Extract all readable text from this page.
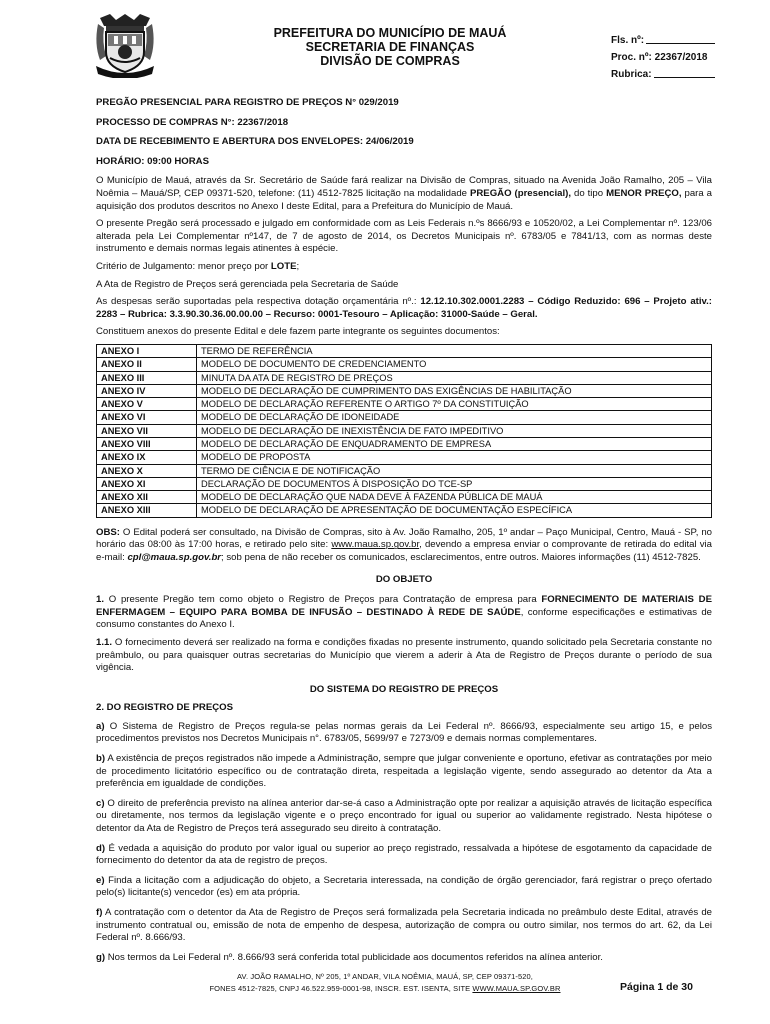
PREFEITURA DO MUNICÍPIO DE MAUÁ
SECRETARIA DE FINANÇAS
DIVISÃO DE COMPRAS
Fls. nº:
Proc. nº: 22367/2018
Rubrica:

PREGÃO PRESENCIAL PARA REGISTRO DE PREÇOS N° 029/2019

PROCESSO DE COMPRAS N°: 22367/2018

DATA DE RECEBIMENTO E ABERTURA DOS ENVELOPES: 24/06/2019

HORÁRIO: 09:00 HORAS

O Município de Mauá, através da Sr. Secretário de Saúde fará realizar na Divisão de Compras, situado na Avenida João Ramalho, 205 – Vila Noêmia – Mauá/SP, CEP 09371-520, telefone: (11) 4512-7825 licitação na modalidade PREGÃO (presencial), do tipo MENOR PREÇO, para a aquisição dos produtos descritos no Anexo I deste Edital, para a Prefeitura do Município de Mauá.

O presente Pregão será processado e julgado em conformidade com as Leis Federais n.ºs 8666/93 e 10520/02, a Lei Complementar nº. 123/06 alterada pela Lei Complementar nº147, de 7 de agosto de 2014, os Decretos Municipais nº. 6783/05 e 7841/13, com as normas deste instrumento e demais normas legais atinentes à espécie.

Critério de Julgamento: menor preço por LOTE;

A Ata de Registro de Preços será gerenciada pela Secretaria de Saúde

As despesas serão suportadas pela respectiva dotação orçamentária nº.: 12.12.10.302.0001.2283 – Código Reduzido: 696 – Projeto ativ.: 2283 – Rubrica: 3.3.90.30.36.00.00.00 – Recurso: 0001-Tesouro – Aplicação: 31000-Saúde – Geral.

Constituem anexos do presente Edital e dele fazem parte integrante os seguintes documentos:

ANEXO I	TERMO DE REFERÊNCIA
ANEXO II	MODELO DE DOCUMENTO DE CREDENCIAMENTO
ANEXO III	MINUTA DA ATA DE REGISTRO DE PREÇOS
ANEXO IV	MODELO DE DECLARAÇÃO DE CUMPRIMENTO DAS EXIGÊNCIAS DE HABILITAÇÃO
ANEXO V	MODELO DE DECLARAÇÃO REFERENTE O ARTIGO 7º DA CONSTITUIÇÃO
ANEXO VI	MODELO DE DECLARAÇÃO DE IDONEIDADE
ANEXO VII	MODELO DE DECLARAÇÃO DE INEXISTÊNCIA DE FATO IMPEDITIVO
ANEXO VIII	MODELO DE DECLARAÇÃO DE ENQUADRAMENTO DE EMPRESA
ANEXO IX	MODELO DE PROPOSTA
ANEXO X	TERMO DE CIÊNCIA E DE NOTIFICAÇÃO
ANEXO XI	DECLARAÇÃO DE DOCUMENTOS À DISPOSIÇÃO DO TCE-SP
ANEXO XII	MODELO DE DECLARAÇÃO QUE NADA DEVE À FAZENDA PÚBLICA DE MAUÁ
ANEXO XIII	MODELO DE DECLARAÇÃO DE APRESENTAÇÃO DE DOCUMENTAÇÃO ESPECÍFICA

OBS: O Edital poderá ser consultado, na Divisão de Compras, sito à Av. João Ramalho, 205, 1º andar – Paço Municipal, Centro, Mauá - SP, no horário das 08:00 às 17:00 horas, e retirado pelo site: www.maua.sp.gov.br, devendo a empresa enviar o comprovante de retirada do edital via e-mail: cpl@maua.sp.gov.br; sob pena de não receber os comunicados, esclarecimentos, entre outros. Maiores informações (11) 4512-7825.

DO OBJETO

1. O presente Pregão tem como objeto o Registro de Preços para Contratação de empresa para FORNECIMENTO DE MATERIAIS DE ENFERMAGEM – EQUIPO PARA BOMBA DE INFUSÃO – DESTINADO À REDE DE SAÚDE, conforme especificações e estimativas de consumo constantes do Anexo I.

1.1. O fornecimento deverá ser realizado na forma e condições fixadas no presente instrumento, quando solicitado pela Secretaria constante no preâmbulo, ou para quaisquer outras secretarias do Município que vierem a aderir à Ata de Registro de Preços durante o período de sua vigência.

DO SISTEMA DO REGISTRO DE PREÇOS

2. DO REGISTRO DE PREÇOS

a) O Sistema de Registro de Preços regula-se pelas normas gerais da Lei Federal nº. 8666/93, especialmente seu artigo 15, e pelos procedimentos previstos nos Decretos Municipais n°. 6783/05, 5699/97 e 7273/09 e demais normas complementares.

b) A existência de preços registrados não impede a Administração, sempre que julgar conveniente e oportuno, efetivar as contratações por meio de procedimento licitatório específico ou de contratação direta, respeitada a legislação vigente, sendo assegurado ao detentor da Ata a preferência em igualdade de condições.

c) O direito de preferência previsto na alínea anterior dar-se-á caso a Administração opte por realizar a aquisição através de licitação específica ou diretamente, nos termos da legislação vigente e o preço encontrado for igual ou superior ao validamente registrado. Nesta hipótese o detentor da Ata de Registro de Preços terá assegurado seu direito à contratação.

d) É vedada a aquisição do produto por valor igual ou superior ao preço registrado, ressalvada a hipótese de esgotamento da capacidade de fornecimento do detentor da ata de registro de preços.

e) Finda a licitação com a adjudicação do objeto, a Secretaria interessada, na condição de órgão gerenciador, fará registrar o preço ofertado pelo(s) licitante(s) vencedor (es) em ata própria.

f) A contratação com o detentor da Ata de Registro de Preços será formalizada pela Secretaria indicada no preâmbulo deste Edital, através de instrumento contratual ou, emissão de nota de empenho de despesa, autorização de compra ou outro similar, nos termos do art. 62, da Lei Federal nº. 8.666/93.

g) Nos termos da Lei Federal nº. 8.666/93 será conferida total publicidade aos documentos referidos na alínea anterior.

AV. JOÃO RAMALHO, Nº 205, 1º ANDAR, VILA NOÊMIA, MAUÁ, SP, CEP 09371-520,
FONES 4512-7825, CNPJ 46.522.959-0001-98, INSCR. EST. ISENTA, SITE WWW.MAUA.SP.GOV.BR	Página 1 de 30
